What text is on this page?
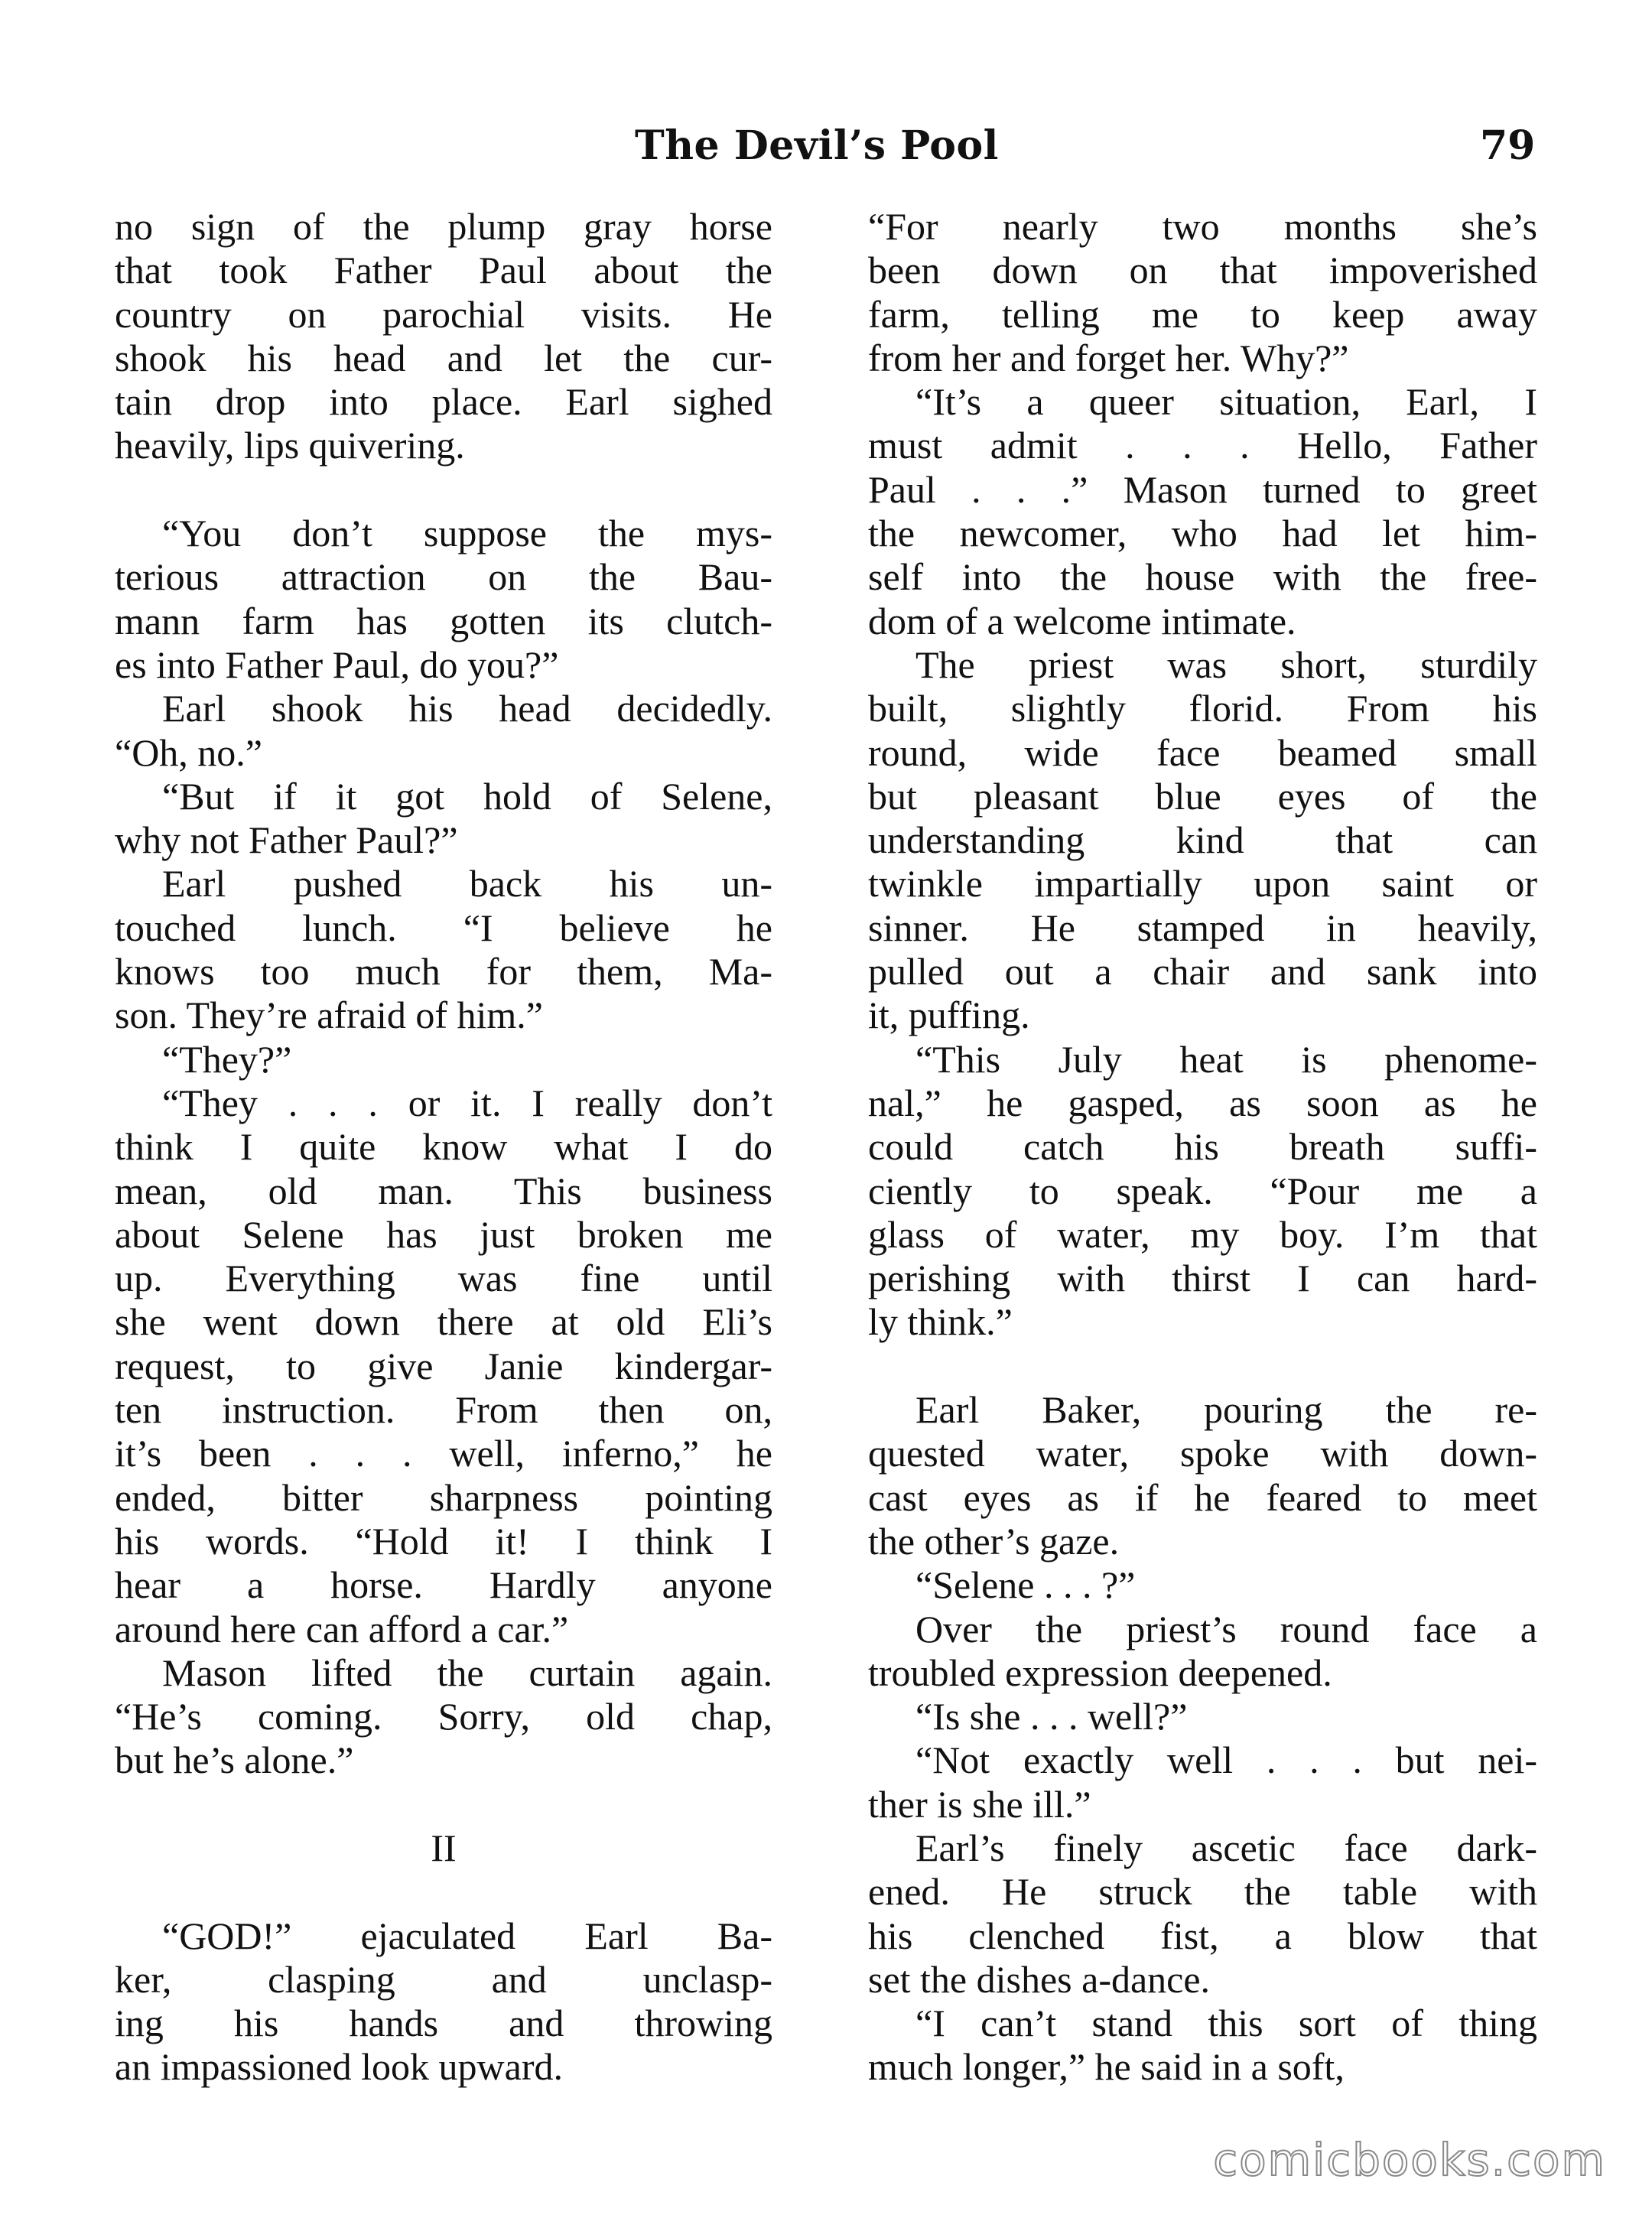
The Devil’s Pool	79
no sign of the plump gray horse
that took Father Paul about the
country on parochial visits. He
shook his head and let the cur-
tain drop into place. Earl sighed
heavily, lips quivering.
“You don’t suppose the mys-
terious attraction on the Bau-
mann farm has gotten its clutch-
es into Father Paul, do you?”
Earl shook his head decidedly.
“Oh, no.”
“But if it got hold of Selene,
why not Father Paul?”
Earl pushed back his un-
touched lunch. “I believe he
knows too much for them, Ma-
son. They’re afraid of him.”
“They?”
“They . . . or it. I really don’t
think I quite know what I do
mean, old man. This business
about Selene has just broken me
up. Everything was fine until
she went down there at old Eli’s
request, to give Janie kindergar-
ten instruction. From then on,
it’s been . . . well, inferno,” he
ended, bitter sharpness pointing
his words. “Hold it! I think I
hear a horse. Hardly anyone
around here can afford a car.”
Mason lifted the curtain again.
“He’s coming. Sorry, old chap,
but he’s alone.”
II
“GOD!” ejaculated Earl Ba-
ker, clasping and unclasp-
ing his hands and throwing
an impassioned look upward.
“For nearly two months she’s
been down on that impoverished
farm, telling me to keep away
from her and forget her. Why?”
“It’s a queer situation, Earl, I
must admit . . . Hello, Father
Paul . . .” Mason turned to greet
the newcomer, who had let him-
self into the house with the free-
dom of a welcome intimate.
The priest was short, sturdily
built, slightly florid. From his
round, wide face beamed small
but pleasant blue eyes of the
understanding kind that can
twinkle impartially upon saint or
sinner. He stamped in heavily,
pulled out a chair and sank into
it, puffing.
“This July heat is phenome-
nal,” he gasped, as soon as he
could catch his breath suffi-
ciently to speak. “Pour me a
glass of water, my boy. I’m that
perishing with thirst I can hard-
ly think.”
Earl Baker, pouring the re-
quested water, spoke with down-
cast eyes as if he feared to meet
the other’s gaze.
“Selene . . . ?”
Over the priest’s round face a
troubled expression deepened.
“Is she . . . well?”
“Not exactly well . . . but nei-
ther is she ill.”
Earl’s finely ascetic face dark-
ened. He struck the table with
his clenched fist, a blow that
set the dishes a-dance.
“I can’t stand this sort of thing
much longer,” he said in a soft,
comicbooks.com
